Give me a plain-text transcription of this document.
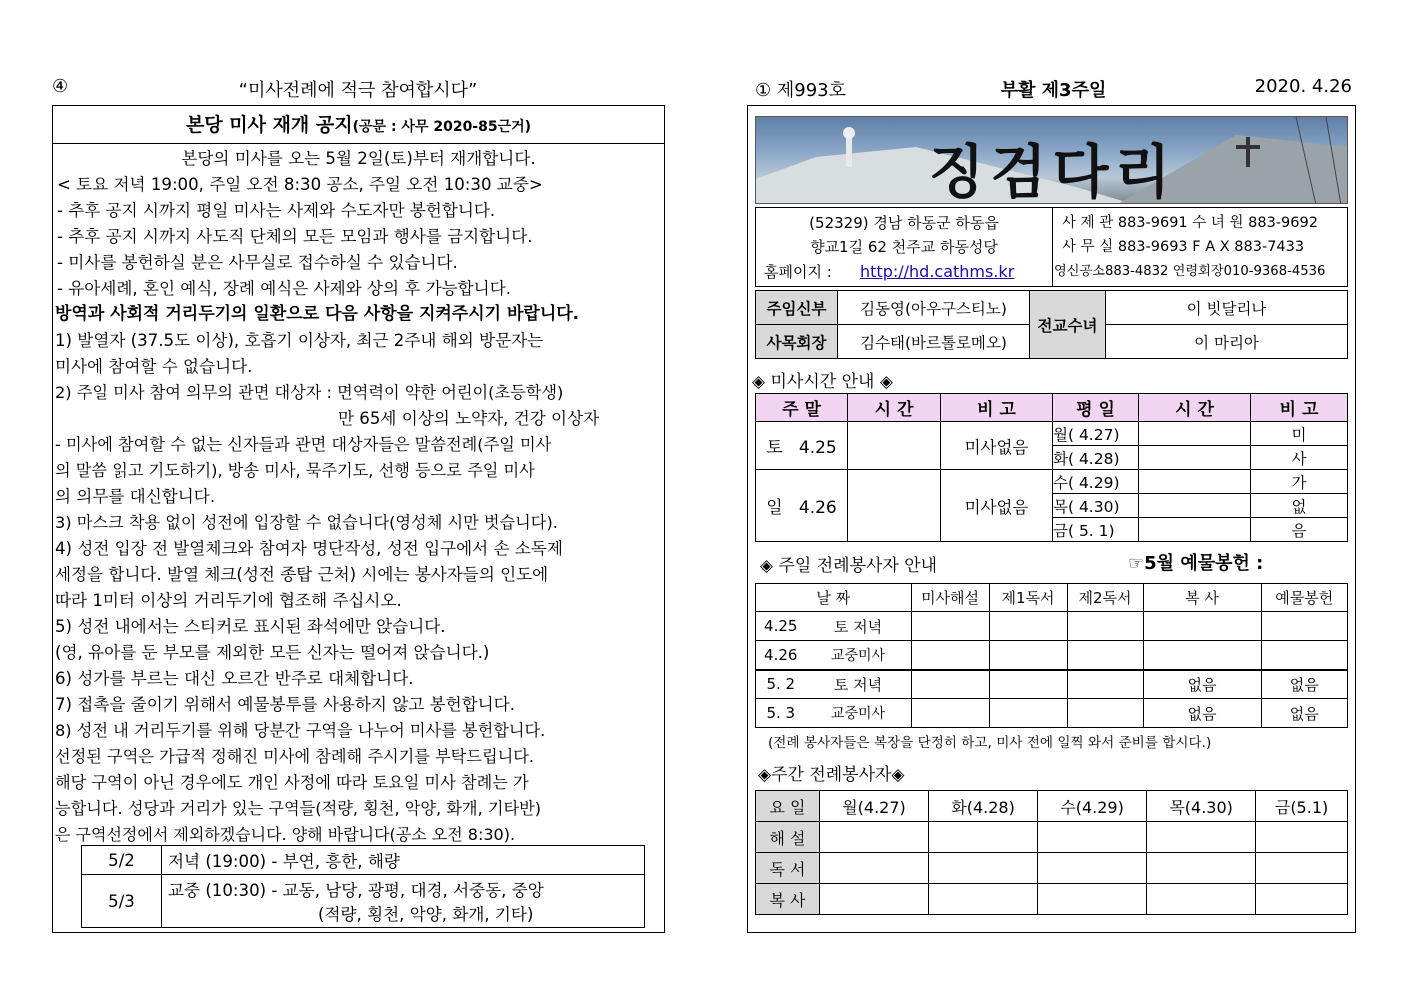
“미사전례에 적극 참여합시다”
④
본당 미사 재개 공지(공문 : 사무 2020-85근거)
본당의 미사를 오는 5월 2일(토)부터 재개합니다.
< 토요 저녁 19:00, 주일 오전 8:30 공소, 주일 오전 10:30 교중>
- 추후 공지 시까지 평일 미사는 사제와 수도자만 봉헌합니다.
- 추후 공지 시까지 사도직 단체의 모든 모임과 행사를 금지합니다.
- 미사를 봉헌하실 분은 사무실로 접수하실 수 있습니다.
- 유아세례, 혼인 예식, 장례 예식은 사제와 상의 후 가능합니다.
방역과 사회적 거리두기의 일환으로 다음 사항을 지켜주시기 바랍니다.
1) 발열자 (37.5도 이상), 호흡기 이상자, 최근 2주내 해외 방문자는
미사에 참여할 수 없습니다.
2) 주일 미사 참여 의무의 관면 대상자 : 면역력이 약한 어린이(초등학생)
만 65세 이상의 노약자, 건강 이상자
- 미사에 참여할 수 없는 신자들과 관면 대상자들은 말씀전례(주일 미사
의 말씀 읽고 기도하기), 방송 미사, 묵주기도, 선행 등으로 주일 미사
의 의무를 대신합니다.
3) 마스크 착용 없이 성전에 입장할 수 없습니다(영성체 시만 벗습니다).
4) 성전 입장 전 발열체크와 참여자 명단작성, 성전 입구에서 손 소독제
세정을 합니다. 발열 체크(성전 종탑 근처) 시에는 봉사자들의 인도에
따라 1미터 이상의 거리두기에 협조해 주십시오.
5) 성전 내에서는 스티커로 표시된 좌석에만 앉습니다.
(영, 유아를 둔 부모를 제외한 모든 신자는 떨어져 앉습니다.)
6) 성가를 부르는 대신 오르간 반주로 대체합니다.
7) 접촉을 줄이기 위해서 예물봉투를 사용하지 않고 봉헌합니다.
8) 성전 내 거리두기를 위해 당분간 구역을 나누어 미사를 봉헌합니다.
선정된 구역은 가급적 정해진 미사에 참례해 주시기를 부탁드립니다.
해당 구역이 아닌 경우에도 개인 사정에 따라 토요일 미사 참례는 가
능합니다. 성당과 거리가 있는 구역들(적량, 횡천, 악양, 화개, 기타반)
은 구역선정에서 제외하겠습니다. 양해 바랍니다(공소 오전 8:30).
5/2	저녁 (19:00) - 부연, 흥한, 해량
5/3	교중 (10:30) - 교동, 남당, 광평, 대경, 서중동, 중앙
(적량, 횡천, 악양, 화개, 기타)
① 제993호	부활 제3주일	2020. 4.26
징검다리
(52329) 경남 하동군 하동읍
향교1길 62 천주교 하동성당
홈페이지 : http://hd.cathms.kr
사 제 관 883-9691 수 녀 원 883-9692
사 무 실 883-9693 F A X 883-7433
영신공소883-4832 연령회장010-9368-4536
주임신부	김동영(아우구스티노)	전교수녀	이 빗달리나
사목회장	김수태(바르톨로메오)		이 마리아
◈ 미사시간 안내 ◈
주 말	시 간	비 고	평 일	시 간	비 고
토 4.25		미사없음	월( 4.27)		미
			화( 4.28)		사
일 4.26		미사없음	수( 4.29)		가
			목( 4.30)		없
			금( 5. 1)		음
◈ 주일 전례봉사자 안내	☞5월 예물봉헌 :
날 짜		미사해설	제1독서	제2독서	복 사	예물봉헌
4.25	토 저녁					
4.26	교중미사					
5. 2	토 저녁				없음	없음
5. 3	교중미사				없음	없음
(전례 봉사자들은 복장을 단정히 하고, 미사 전에 일찍 와서 준비를 합시다.)
◈주간 전례봉사자◈
요 일	월(4.27)	화(4.28)	수(4.29)	목(4.30)	금(5.1)
해 설					
독 서					
복 사					
